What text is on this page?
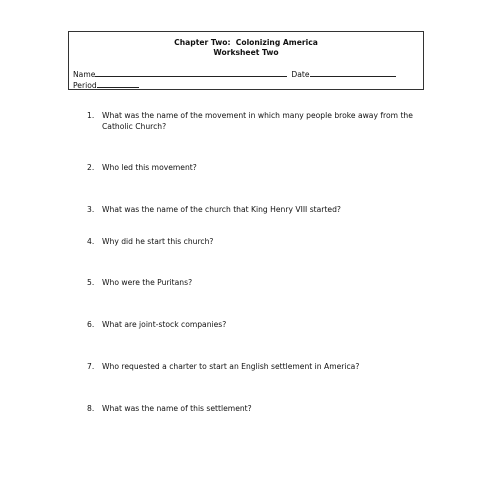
Chapter Two:  Colonizing America
Worksheet Two
Name	Date
Period
1.	What was the name of the movement in which many people broke away from the Catholic Church?
2.	Who led this movement?
3.	What was the name of the church that King Henry VIII started?
4.	Why did he start this church?
5.	Who were the Puritans?
6.	What are joint-stock companies?
7.	Who requested a charter to start an English settlement in America?
8.	What was the name of this settlement?
